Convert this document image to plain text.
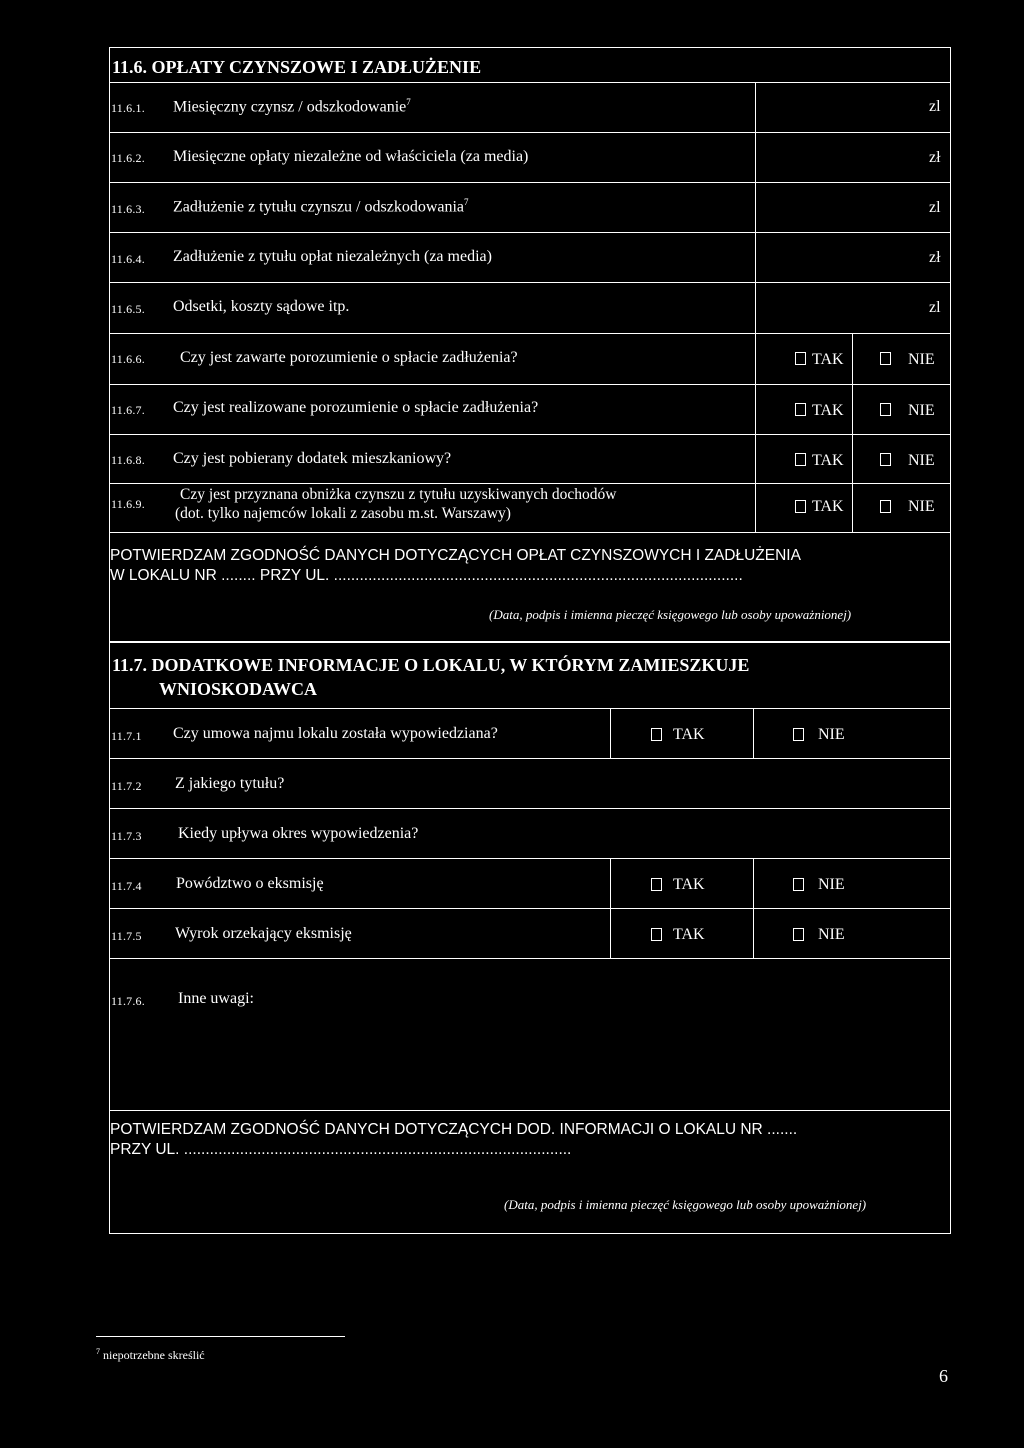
11.6. OPŁATY CZYNSZOWE I ZADŁUŻENIE
11.6.1. Miesięczny czynsz / odszkodowanie$^7$	zl
11.6.2. Miesięczne opłaty niezależne od właściciela (za media)	zł
11.6.3. Zadłużenie z tytułu czynszu / odszkodowania$^7$	zl
11.6.4. Zadłużenie z tytułu opłat niezależnych (za media)	zł
11.6.5. Odsetki, koszty sądowe itp.	zl
11.6.6. Czy jest zawarte porozumienie o spłacie zadłużenia?	TAK	NIE
11.6.7. Czy jest realizowane porozumienie o spłacie zadłużenia?	TAK	NIE
11.6.8. Czy jest pobierany dodatek mieszkaniowy?	TAK	NIE
11.6.9.
Czy jest przyznana obniżka czynszu z tytułu uzyskiwanych dochodów
(dot. tylko najemców lokali z zasobu m.st. Warszawy)	TAK	NIE
POTWIERDZAM ZGODNOŚĆ DANYCH DOTYCZĄCYCH OPŁAT CZYNSZOWYCH I ZADŁUŻENIA
W LOKALU NR ........ PRZY UL. ...............................................................................................
(Data, podpis i imienna pieczęć księgowego lub osoby upoważnionej)
11.7. DODATKOWE INFORMACJE O LOKALU, W KTÓRYM ZAMIESZKUJE
WNIOSKODAWCA
11.7.1 Czy umowa najmu lokalu została wypowiedziana?	TAK	NIE
11.7.2 Z jakiego tytułu?
11.7.3 Kiedy upływa okres wypowiedzenia?
11.7.4 Powództwo o eksmisję	TAK	NIE
11.7.5 Wyrok orzekający eksmisję	TAK	NIE
11.7.6. Inne uwagi:
POTWIERDZAM ZGODNOŚĆ DANYCH DOTYCZĄCYCH DOD. INFORMACJI O LOKALU NR .......
PRZY UL. ..........................................................................................
(Data, podpis i imienna pieczęć księgowego lub osoby upoważnionej)
$^7$ niepotrzebne skreślić
6
